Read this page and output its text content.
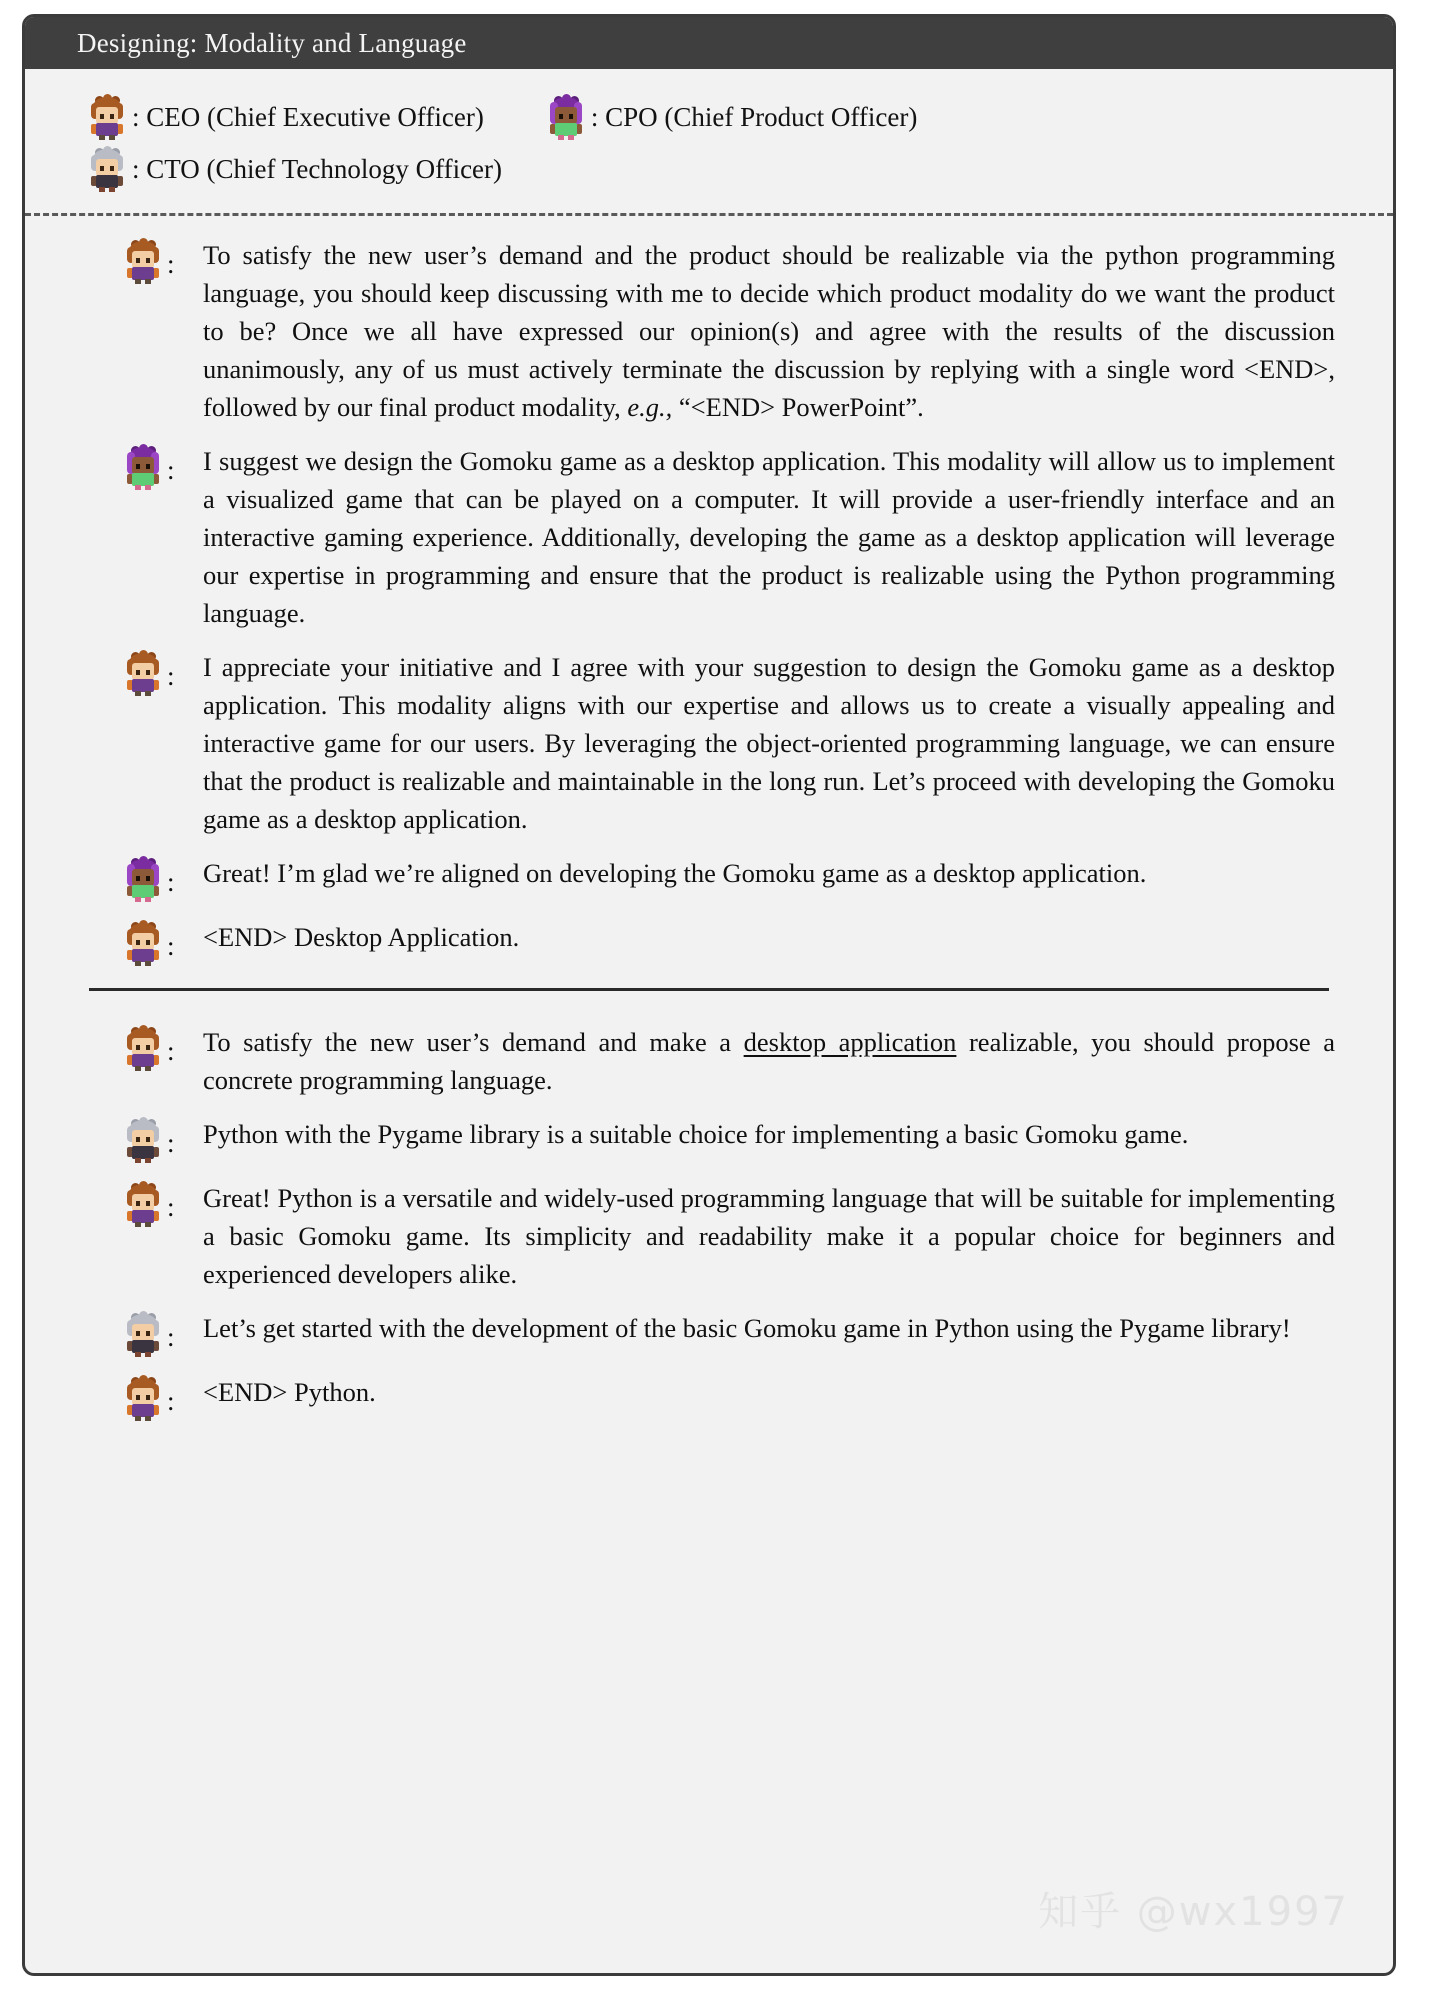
Designing: Modality and Language
: CEO (Chief Executive Officer)	: CPO (Chief Product Officer)
: CTO (Chief Technology Officer)
: To satisfy the new user’s demand and the product should be realizable via the python programming language, you should keep discussing with me to decide which product modality do we want the product to be? Once we all have expressed our opinion(s) and agree with the results of the discussion unanimously, any of us must actively terminate the discussion by replying with a single word <END>, followed by our final product modality, e.g., “<END> PowerPoint”.
: I suggest we design the Gomoku game as a desktop application. This modality will allow us to implement a visualized game that can be played on a computer. It will provide a user-friendly interface and an interactive gaming experience. Additionally, developing the game as a desktop application will leverage our expertise in programming and ensure that the product is realizable using the Python programming language.
: I appreciate your initiative and I agree with your suggestion to design the Gomoku game as a desktop application. This modality aligns with our expertise and allows us to create a visually appealing and interactive game for our users. By leveraging the object-oriented programming language, we can ensure that the product is realizable and maintainable in the long run. Let’s proceed with developing the Gomoku game as a desktop application.
: Great! I’m glad we’re aligned on developing the Gomoku game as a desktop application.
: <END> Desktop Application.
: To satisfy the new user’s demand and make a desktop application realizable, you should propose a concrete programming language.
: Python with the Pygame library is a suitable choice for implementing a basic Gomoku game.
: Great! Python is a versatile and widely-used programming language that will be suitable for implementing a basic Gomoku game. Its simplicity and readability make it a popular choice for beginners and experienced developers alike.
: Let’s get started with the development of the basic Gomoku game in Python using the Pygame library!
: <END> Python.
知乎 @wx1997
